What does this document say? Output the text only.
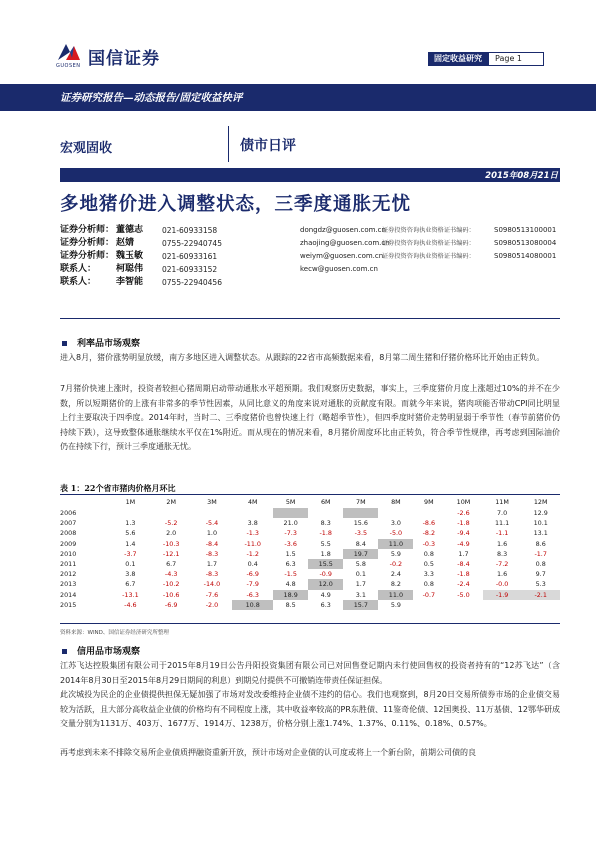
国信证券
GUOSEN
固定收益研究	Page 1
证券研究报告—动态报告/固定收益快评
宏观固收	债市日评
2015年08月21日
多地猪价进入调整状态，三季度通胀无忧
证券分析师： 董德志	021-60933158	dongdz@guosen.com.cn
证券投资咨询执业资格证书编码：	S0980513100001
证券分析师： 赵婧	0755-22940745	zhaojing@guosen.com.cn
证券投资咨询执业资格证书编码：	S0980513080004
证券分析师： 魏玉敏	021-60933161	weiym@guosen.com.cn
证券投资咨询执业资格证书编码：	S0980514080001
联系人： 柯聪伟	021-60933152	kecw@guosen.com.cn
联系人： 李智能	0755-22940456
利率品市场观察
进入8月，猪价涨势明显放缓，南方多地区进入调整状态。从跟踪的22省市高频数据来看，8月第二周生猪和仔猪价格环比开始由正转负。
7月猪价快速上涨时，投资者较担心猪周期启动带动通胀水平超预期。我们观察历史数据，事实上，三季度猪价月度上涨超过10%的并不在少数，所以短期猪价的上涨有非常多的季节性因素，从同比意义的角度来说对通胀的贡献度有限。而就今年来说，猪肉项能否带动CPI同比明显上行主要取决于四季度。2014年时，当时二、三季度猪价也曾快速上行（略超季节性），但四季度时猪价走势明显弱于季节性（春节前猪价仍持续下跌），这导致整体通胀继续水平仅在1%附近。而从现在的情况来看，8月猪价周度环比由正转负，符合季节性规律，再考虑到国际油价仍在持续下行，预计三季度通胀无忧。
表 1：22个省市猪肉价格月环比
	1M	2M	3M	4M	5M	6M	7M	8M	9M	10M	11M	12M
2006										-2.6	7.0	12.9
2007	1.3	-5.2	-5.4	3.8	21.0	8.3	15.6	3.0	-8.6	-1.8	11.1	10.1
2008	5.6	2.0	1.0	-1.3	-7.3	-1.8	-3.5	-5.0	-8.2	-9.4	-1.1	13.1
2009	1.4	-10.3	-8.4	-11.0	-3.6	5.5	8.4	11.0	-0.3	-4.9	1.6	8.6
2010	-3.7	-12.1	-8.3	-1.2	1.5	1.8	19.7	5.9	0.8	1.7	8.3	-1.7
2011	0.1	6.7	1.7	0.4	6.3	15.5	5.8	-0.2	0.5	-8.4	-7.2	0.8
2012	3.8	-4.3	-8.3	-6.9	-1.5	-0.9	0.1	2.4	3.3	-1.8	1.6	9.7
2013	6.7	-10.2	-14.0	-7.9	4.8	12.0	1.7	8.2	0.8	-2.4	-0.0	5.3
2014	-13.1	-10.6	-7.6	-6.3	18.9	4.9	3.1	11.0	-0.7	-5.0	-1.9	-2.1
2015	-4.6	-6.9	-2.0	10.8	8.5	6.3	15.7	5.9				
资料来源：WIND、国信证券经济研究所整理
信用品市场观察
江苏飞达控股集团有限公司于2015年8月19日公告丹阳投资集团有限公司已对回售登记期内未行使回售权的投资者持有的“12苏飞达”（含2014年8月30日至2015年8月29日期间的利息）到期兑付提供不可撤销连带责任保证担保。
此次城投为民企的企业债提供担保无疑加强了市场对发改委维持企业债不违约的信心。我们也观察到，8月20日交易所债券市场的企业债交易较为活跃，且大部分高收益企业债的价格均有不同程度上涨，其中收益率较高的PR东胜债、11鉴奇伦债、12国奥投、11万基债、12鄂华研成交量分别为1131万、403万、1677万、1914万、1238万，价格分别上涨1.74%、1.37%、0.11%、0.18%、0.57%。
再考虑到未来不排除交易所企业债质押融资重新开放，预计市场对企业债的认可度或将上一个新台阶，前期公司债的良
